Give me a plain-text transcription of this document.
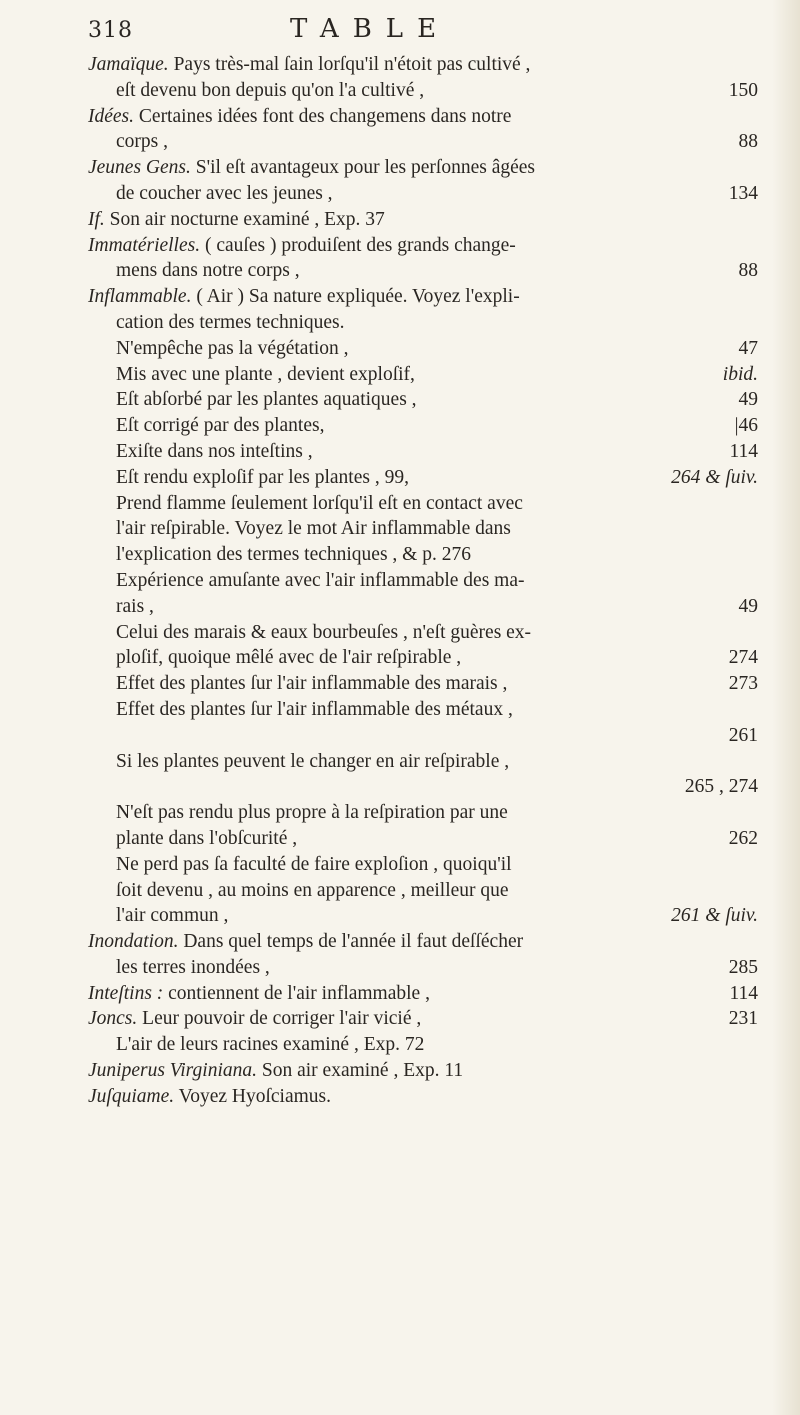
318	TABLE
Jamaïque. Pays très-mal ſain lorſqu'il n'étoit pas cultivé ,
eſt devenu bon depuis qu'on l'a cultivé ,	150
Idées. Certaines idées font des changemens dans notre
corps ,	88
Jeunes Gens. S'il eſt avantageux pour les perſonnes âgées
de coucher avec les jeunes ,	134
If. Son air nocturne examiné , Exp. 37
Immatérielles. ( cauſes ) produiſent des grands change-
mens dans notre corps ,	88
Inflammable. ( Air ) Sa nature expliquée. Voyez l'expli-
cation des termes techniques.
N'empêche pas la végétation ,	47
Mis avec une plante , devient exploſif,	ibid.
Eſt abſorbé par les plantes aquatiques ,	49
Eſt corrigé par des plantes,	|46
Exiſte dans nos inteſtins ,	114
Eſt rendu exploſif par les plantes , 99,	264 & ſuiv.
Prend flamme ſeulement lorſqu'il eſt en contact avec
l'air reſpirable. Voyez le mot Air inflammable dans
l'explication des termes techniques , & p. 276
Expérience amuſante avec l'air inflammable des ma-
rais ,	49
Celui des marais & eaux bourbeuſes , n'eſt guères ex-
ploſif, quoique mêlé avec de l'air reſpirable ,	274
Effet des plantes ſur l'air inflammable des marais ,	273
Effet des plantes ſur l'air inflammable des métaux ,
261
Si les plantes peuvent le changer en air reſpirable ,
265 , 274
N'eſt pas rendu plus propre à la reſpiration par une
plante dans l'obſcurité ,	262
Ne perd pas ſa faculté de faire exploſion , quoiqu'il
ſoit devenu , au moins en apparence , meilleur que
l'air commun ,	261 & ſuiv.
Inondation. Dans quel temps de l'année il faut deſſécher
les terres inondées ,	285
Inteſtins : contiennent de l'air inflammable ,	114
Joncs. Leur pouvoir de corriger l'air vicié ,	231
L'air de leurs racines examiné , Exp. 72
Juniperus Virginiana. Son air examiné , Exp. 11
Juſquiame. Voyez Hyoſciamus.
